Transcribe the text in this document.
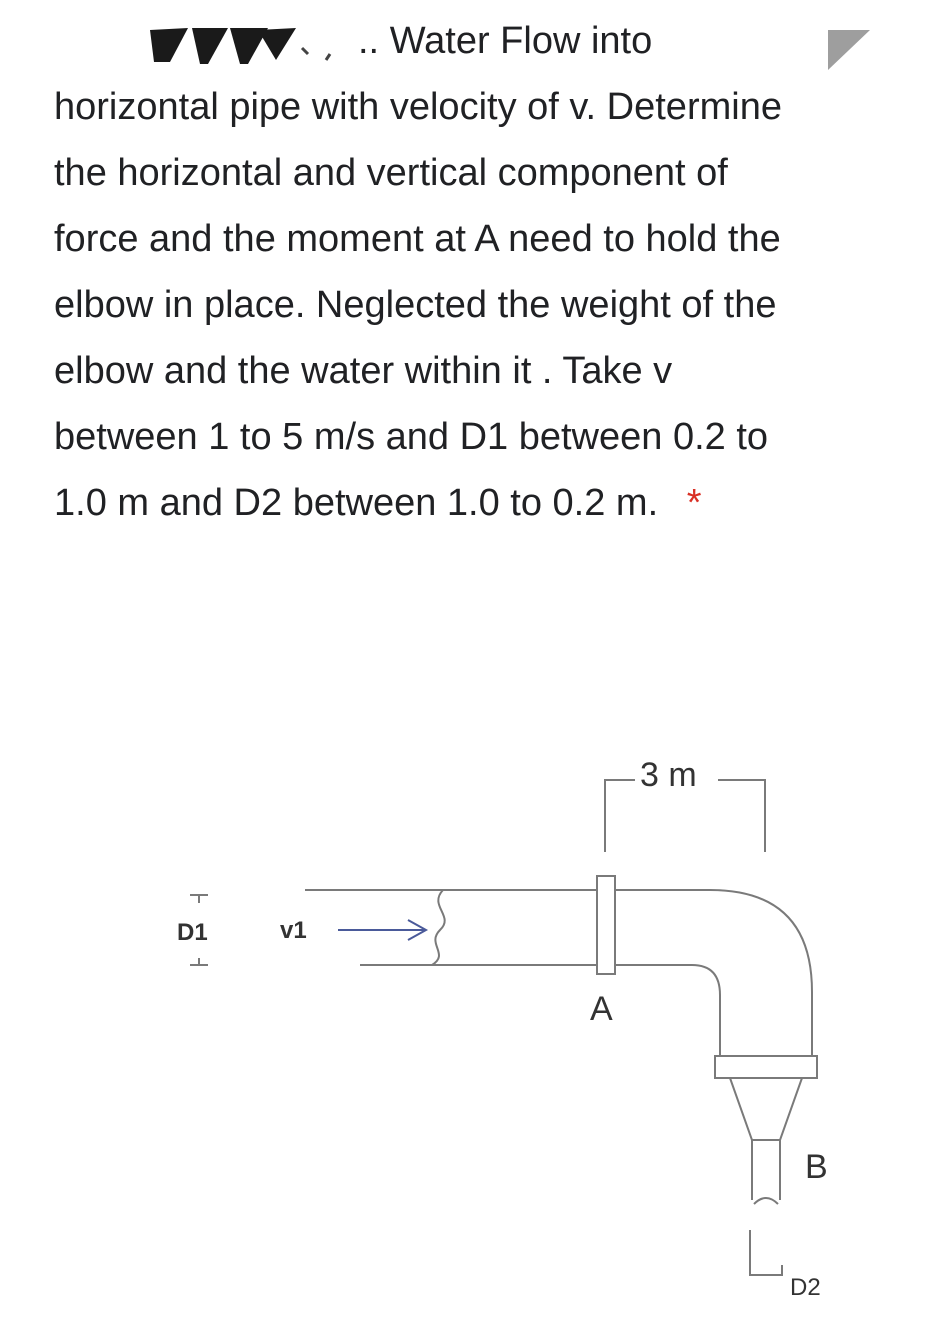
.. Water Flow into
horizontal pipe with velocity of v. Determine the horizontal and vertical component of force and the moment at A need to hold the elbow in place. Neglected the weight of the elbow and the water within it . Take v between 1 to 5 m/s and D1 between 0.2 to 1.0 m and D2 between 1.0 to 0.2 m. *

3 m
D1	v1
A
B
D2
